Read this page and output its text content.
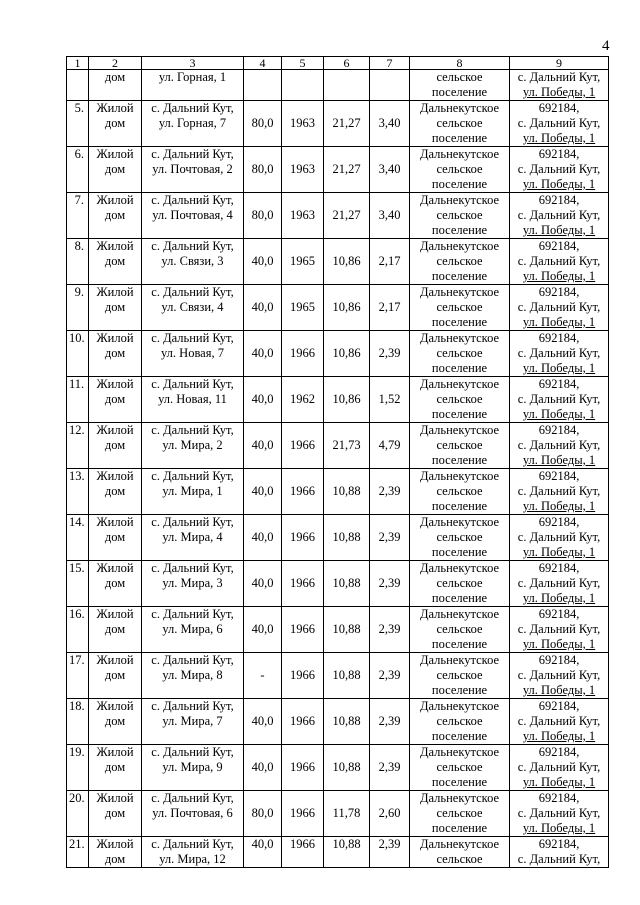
4
1	2	3	4	5	6	7	8	9

	дом	ул. Горная, 1					сельское
поселение	с. Дальний Кут,
ул. Победы, 1

5.	Жилой
дом	с. Дальний Кут,
ул. Горная, 7	80,0	1963	21,27	3,40	Дальнекутское
сельское
поселение	692184,
с. Дальний Кут,
ул. Победы, 1

6.	Жилой
дом	с. Дальний Кут,
ул. Почтовая, 2	80,0	1963	21,27	3,40	Дальнекутское
сельское
поселение	692184,
с. Дальний Кут,
ул. Победы, 1

7.	Жилой
дом	с. Дальний Кут,
ул. Почтовая, 4	80,0	1963	21,27	3,40	Дальнекутское
сельское
поселение	692184,
с. Дальний Кут,
ул. Победы, 1

8.	Жилой
дом	с. Дальний Кут,
ул. Связи, 3	40,0	1965	10,86	2,17	Дальнекутское
сельское
поселение	692184,
с. Дальний Кут,
ул. Победы, 1

9.	Жилой
дом	с. Дальний Кут,
ул. Связи, 4	40,0	1965	10,86	2,17	Дальнекутское
сельское
поселение	692184,
с. Дальний Кут,
ул. Победы, 1

10.	Жилой
дом	с. Дальний Кут,
ул. Новая, 7	40,0	1966	10,86	2,39	Дальнекутское
сельское
поселение	692184,
с. Дальний Кут,
ул. Победы, 1

11.	Жилой
дом	с. Дальний Кут,
ул. Новая, 11	40,0	1962	10,86	1,52	Дальнекутское
сельское
поселение	692184,
с. Дальний Кут,
ул. Победы, 1

12.	Жилой
дом	с. Дальний Кут,
ул. Мира, 2	40,0	1966	21,73	4,79	Дальнекутское
сельское
поселение	692184,
с. Дальний Кут,
ул. Победы, 1

13.	Жилой
дом	с. Дальний Кут,
ул. Мира, 1	40,0	1966	10,88	2,39	Дальнекутское
сельское
поселение	692184,
с. Дальний Кут,
ул. Победы, 1

14.	Жилой
дом	с. Дальний Кут,
ул. Мира, 4	40,0	1966	10,88	2,39	Дальнекутское
сельское
поселение	692184,
с. Дальний Кут,
ул. Победы, 1

15.	Жилой
дом	с. Дальний Кут,
ул. Мира, 3	40,0	1966	10,88	2,39	Дальнекутское
сельское
поселение	692184,
с. Дальний Кут,
ул. Победы, 1

16.	Жилой
дом	с. Дальний Кут,
ул. Мира, 6	40,0	1966	10,88	2,39	Дальнекутское
сельское
поселение	692184,
с. Дальний Кут,
ул. Победы, 1

17.	Жилой
дом	с. Дальний Кут,
ул. Мира, 8	-	1966	10,88	2,39	Дальнекутское
сельское
поселение	692184,
с. Дальний Кут,
ул. Победы, 1

18.	Жилой
дом	с. Дальний Кут,
ул. Мира, 7	40,0	1966	10,88	2,39	Дальнекутское
сельское
поселение	692184,
с. Дальний Кут,
ул. Победы, 1

19.	Жилой
дом	с. Дальний Кут,
ул. Мира, 9	40,0	1966	10,88	2,39	Дальнекутское
сельское
поселение	692184,
с. Дальний Кут,
ул. Победы, 1

20.	Жилой
дом	с. Дальний Кут,
ул. Почтовая, 6	80,0	1966	11,78	2,60	Дальнекутское
сельское
поселение	692184,
с. Дальний Кут,
ул. Победы, 1

21.	Жилой
дом	с. Дальний Кут,
ул. Мира, 12	40,0	1966	10,88	2,39	Дальнекутское
сельское	692184,
с. Дальний Кут,
